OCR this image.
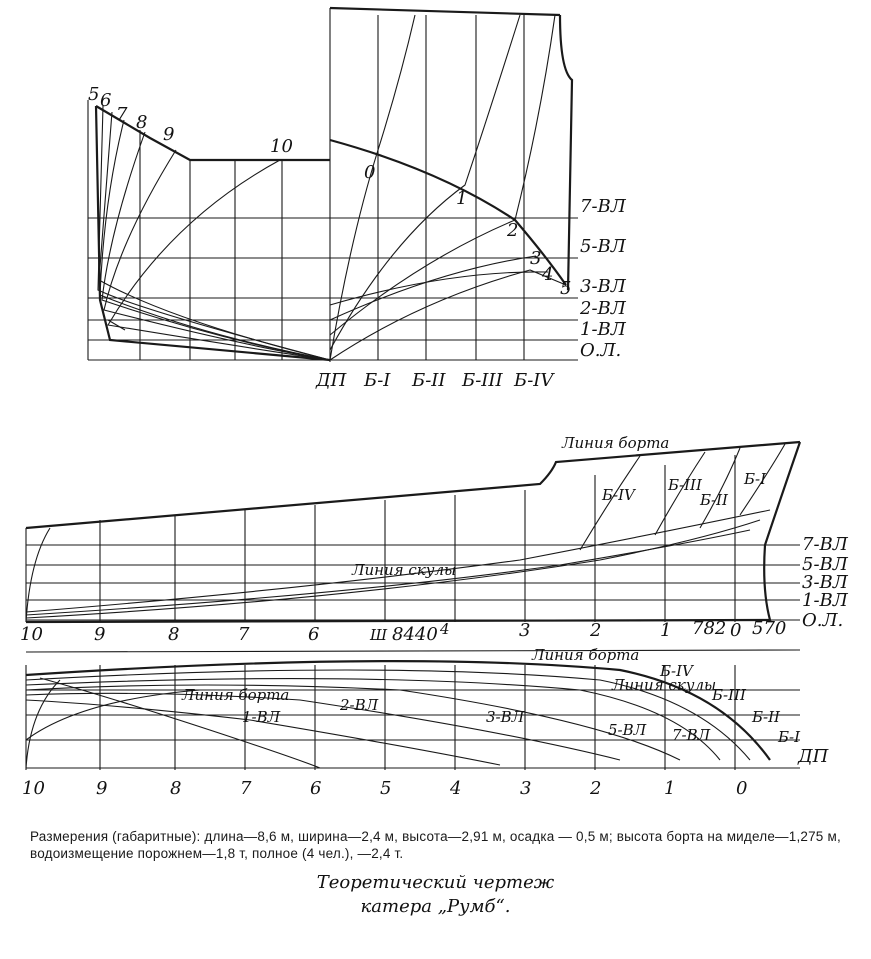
5 6
7 8
9
10
0
1
2
3
4
5
7-ВЛ
5-ВЛ
3-ВЛ
2-ВЛ
1-ВЛ
О.Л.
ДП Б-I Б-II Б-III Б-IV
Линия борта
Линия скулы
Б-IV
Б-III
Б-II
Б-I
7-ВЛ
5-ВЛ
3-ВЛ
1-ВЛ
О.Л.
10	9	8	7	6	3	2	1	0
Ш 8440 4	782 570
Линия борта
Линия борта
Линия скулы
1-ВЛ
2-ВЛ
3-ВЛ
5-ВЛ 7-ВЛ
Б-IV
Б-III
Б-II
Б-I
ДП
10	9	8	7	6	5	4	3	2	1	0
Размерения (габаритные): длина—8,6 м, ширина—2,4 м, высота—2,91 м, осадка — 0,5 м; высота борта на миделе—1,275 м, водоизмещение порожнем—1,8 т, полное (4 чел.), —2,4 т.
Теоретический чертеж
катера „Румб“.
